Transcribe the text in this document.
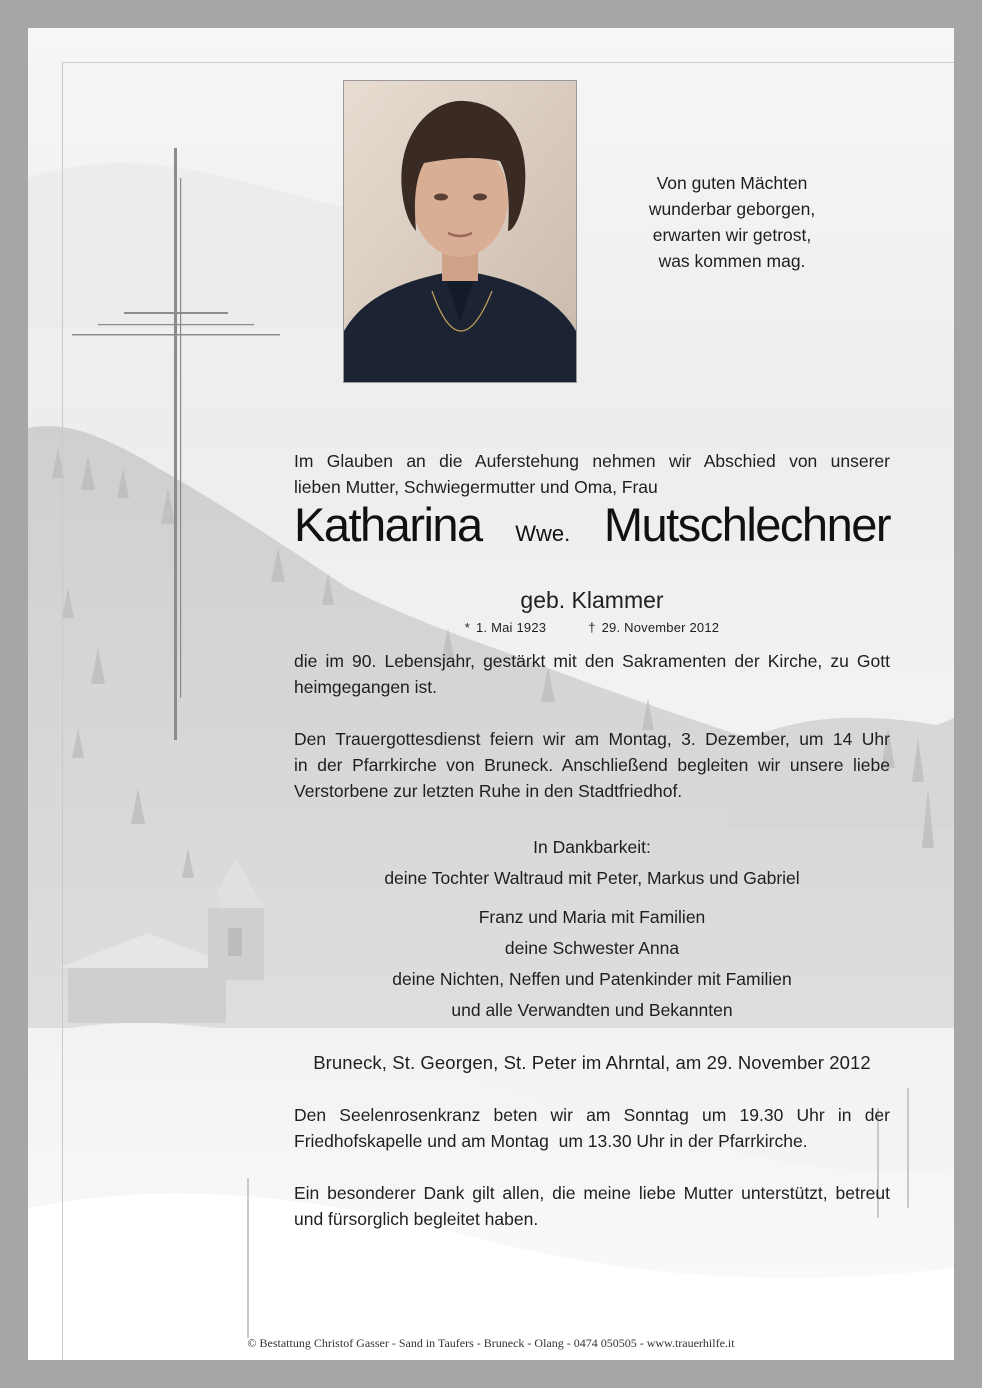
Von guten Mächten
wunderbar geborgen,
erwarten wir getrost,
was kommen mag.

Im Glauben an die Auferstehung nehmen wir Abschied von unserer

lieben Mutter, Schwiegermutter und Oma, Frau

Katharina Wwe. Mutschlechner
geb. Klammer
* 1. Mai 1923	† 29. November 2012

die im 90. Lebensjahr, gestärkt mit den Sakramenten der Kirche, zu Gott

heimgegangen ist.

Den Trauergottesdienst feiern wir am Montag, 3. Dezember, um 14 Uhr

in der Pfarrkirche von Bruneck. Anschließend begleiten wir unsere liebe

Verstorbene zur letzten Ruhe in den Stadtfriedhof.

In Dankbarkeit:
deine Tochter Waltraud mit Peter, Markus und Gabriel
Franz und Maria mit Familien
deine Schwester Anna
deine Nichten, Neffen und Patenkinder mit Familien
und alle Verwandten und Bekannten
Bruneck, St. Georgen, St. Peter im Ahrntal, am 29. November 2012

Den Seelenrosenkranz beten wir am Sonntag um 19.30 Uhr in der

Friedhofskapelle und am Montag  um 13.30 Uhr in der Pfarrkirche.

Ein besonderer Dank gilt allen, die meine liebe Mutter unterstützt, betreut

und fürsorglich begleitet haben.

© Bestattung Christof Gasser - Sand in Taufers - Bruneck - Olang - 0474 050505 - www.trauerhilfe.it
